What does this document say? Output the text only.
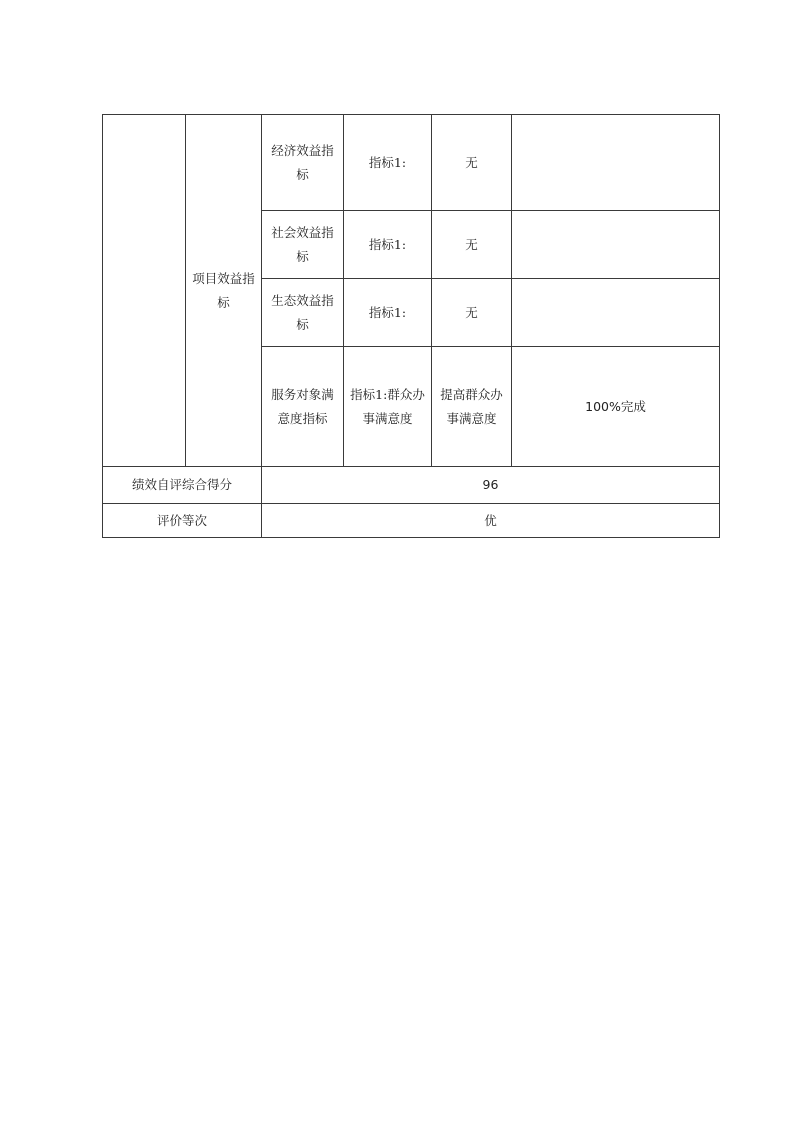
	项目效益指标	经济效益指标	指标1:	无	
		社会效益指标	指标1:	无	
		生态效益指标	指标1:	无	
		服务对象满意度指标	指标1:群众办事满意度	提高群众办事满意度	100%完成
绩效自评综合得分		96			
评价等次		优			
